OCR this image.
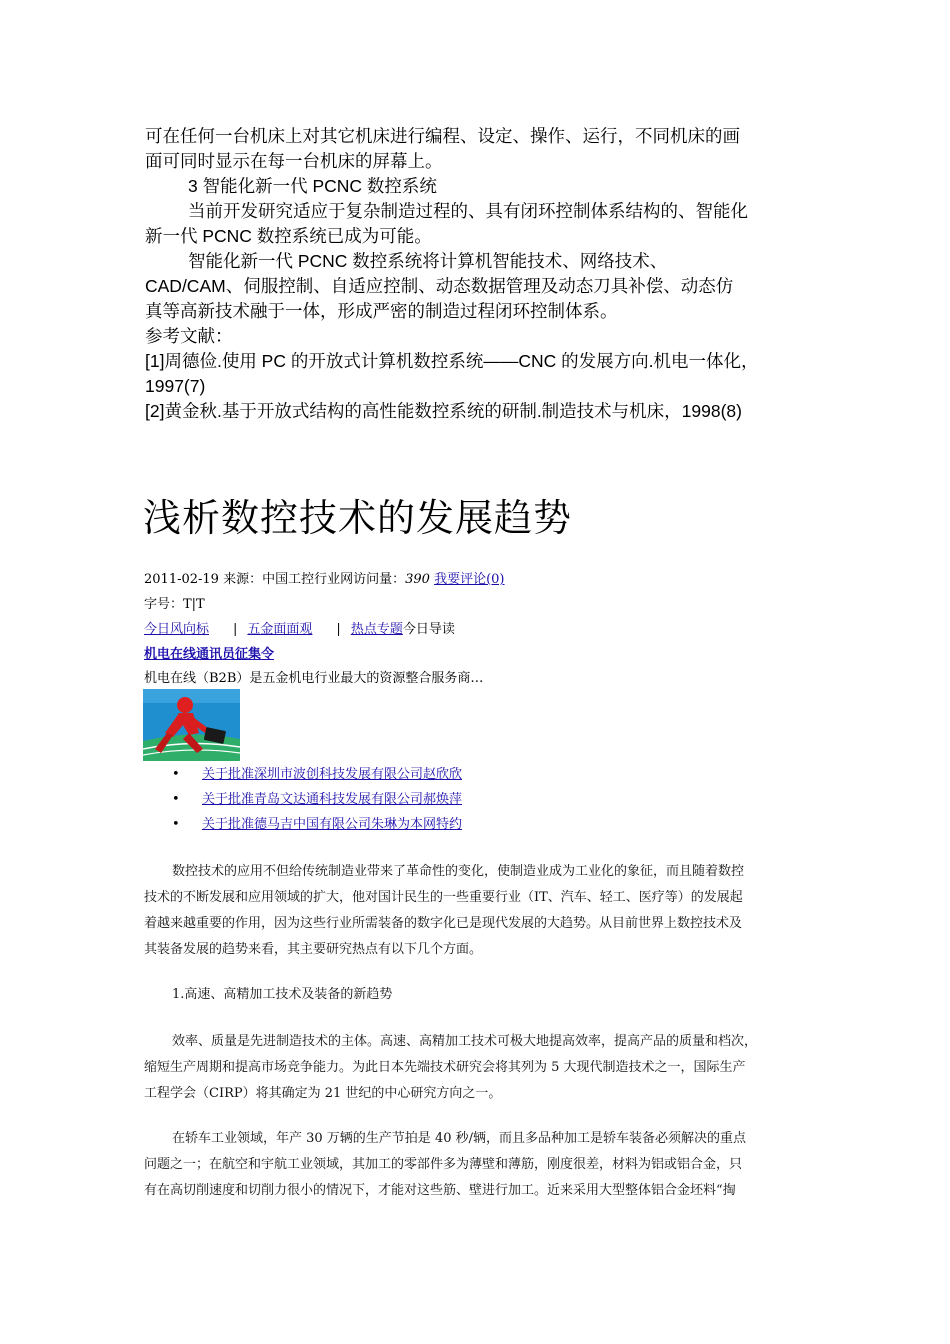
可在任何一台机床上对其它机床进行编程、设定、操作、运行，不同机床的画
面可同时显示在每一台机床的屏幕上。
3 智能化新一代 PCNC 数控系统
当前开发研究适应于复杂制造过程的、具有闭环控制体系结构的、智能化
新一代 PCNC 数控系统已成为可能。
智能化新一代 PCNC 数控系统将计算机智能技术、网络技术、
CAD/CAM、伺服控制、自适应控制、动态数据管理及动态刀具补偿、动态仿
真等高新技术融于一体，形成严密的制造过程闭环控制体系。
参考文献：
[1]周德俭.使用 PC 的开放式计算机数控系统——CNC 的发展方向.机电一体化，
1997(7)
[2]黄金秋.基于开放式结构的高性能数控系统的研制.制造技术与机床，1998(8)
浅析数控技术的发展趋势
2011-02-19 来源：中国工控行业网访问量：390 我要评论(0)
字号：T|T
今日风向标 | 五金面面观 | 热点专题今日导读
机电在线通讯员征集令
机电在线（B2B）是五金机电行业最大的资源整合服务商…
• 关于批准深圳市波创科技发展有限公司赵欣欣
• 关于批准青岛文达通科技发展有限公司郝焕萍
• 关于批准德马吉中国有限公司朱琳为本网特约
数控技术的应用不但给传统制造业带来了革命性的变化，使制造业成为工业化的象征，而且随着数控
技术的不断发展和应用领域的扩大，他对国计民生的一些重要行业（IT、汽车、轻工、医疗等）的发展起
着越来越重要的作用，因为这些行业所需装备的数字化已是现代发展的大趋势。从目前世界上数控技术及
其装备发展的趋势来看，其主要研究热点有以下几个方面。
1.高速、高精加工技术及装备的新趋势
效率、质量是先进制造技术的主体。高速、高精加工技术可极大地提高效率，提高产品的质量和档次，
缩短生产周期和提高市场竞争能力。为此日本先端技术研究会将其列为 5 大现代制造技术之一，国际生产
工程学会（CIRP）将其确定为 21 世纪的中心研究方向之一。
在轿车工业领域，年产 30 万辆的生产节拍是 40 秒/辆，而且多品种加工是轿车装备必须解决的重点
问题之一；在航空和宇航工业领域，其加工的零部件多为薄壁和薄筋，刚度很差，材料为铝或铝合金，只
有在高切削速度和切削力很小的情况下，才能对这些筋、壁进行加工。近来采用大型整体铝合金坯料“掏
